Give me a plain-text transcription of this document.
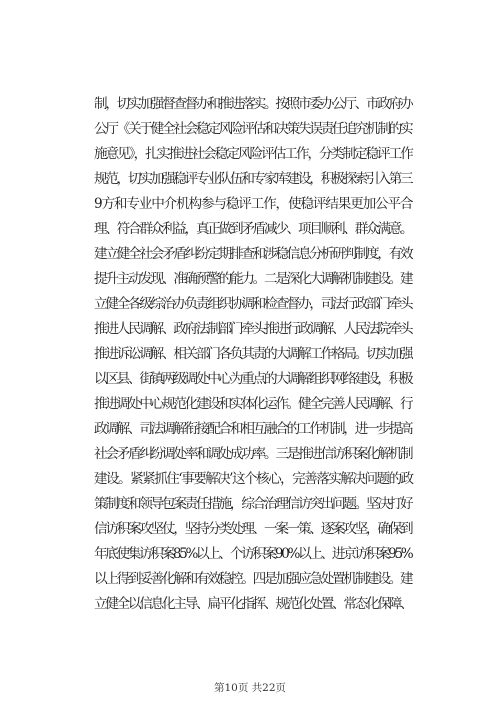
制，切实加强督查督办和推进落实。按照市委办公厅、市政府办
公厅《关于健全社会稳定风险评估和决策失误责任追究机制的实
施意见》，扎实推进社会稳定风险评估工作，分类制定稳评工作
规范，切实加强稳评专业队伍和专家库建设，积极探索引入第三
9方和专业中介机构参与稳评工作，使稳评结果更加公平合
理、符合群众利益，真正做到矛盾减少、项目顺利、群众满意。
建立健全社会矛盾纠纷定期排查和涉稳信息分析研判制度，有效
提升主动发现、准确预警的能力。二是深化大调解机制建设。建
立健全各级综治办负责组织协调和检查督办，司法行政部门牵头
推进人民调解、政府法制部门牵头推进行政调解、人民法院牵头
推进诉讼调解、相关部门各负其责的大调解工作格局。切实加强
以区县、街镇两级调处中心为重点的大调解组织网络建设，积极
推进调处中心规范化建设和实体化运作。健全完善人民调解、行
政调解、司法调解衔接配合和相互融合的工作机制，进一步提高
社会矛盾纠纷调处率和调处成功率。三是推进信访积案化解机制
建设。紧紧抓住‘事要解决’这个核心，完善落实解决问题的政
策制度和领导包案责任措施，综合治理信访突出问题。坚决打好
信访积案攻坚仗，坚持分类处理、一案一策、逐案攻坚，确保到
年底使集访积案85%以上、个访积案90%以上、进京访积案95%
以上得到妥善化解和有效稳控。四是加强应急处置机制建设。建
立健全以信息化主导、扁平化指挥、规范化处置、常态化保障、
第10页 共22页
